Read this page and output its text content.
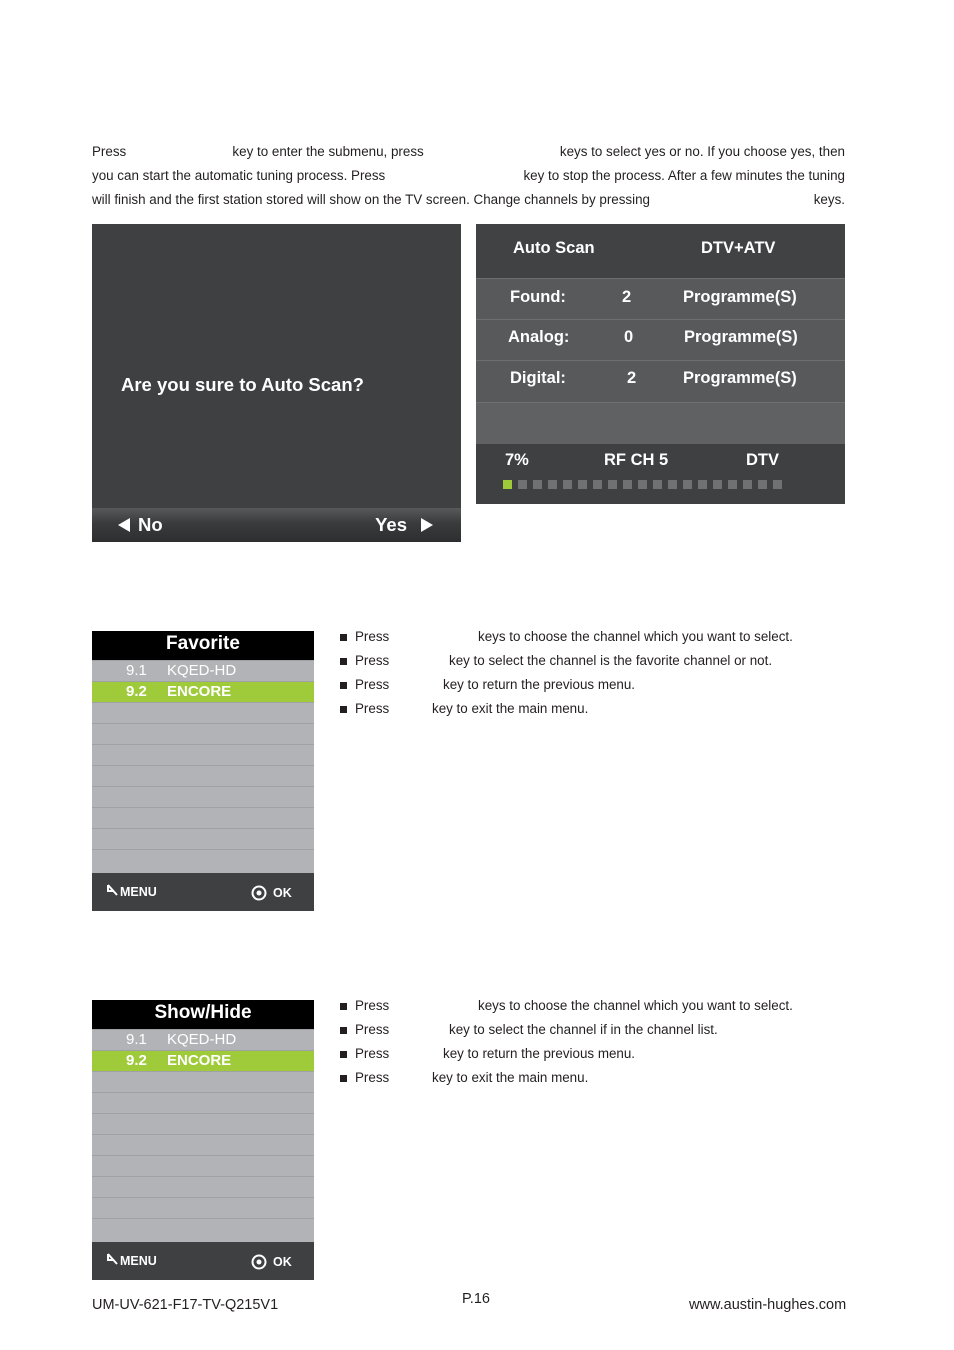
Press	key to enter the submenu, press	keys to select yes or no. If you choose yes, then
you can start the automatic tuning process. Press	key to stop the process. After a few minutes the tuning
will finish and the first station stored will show on the TV screen. Change channels by pressing	keys.
Are you sure to Auto Scan?
No	Yes
Auto Scan	DTV+ATV
Found:	2	Programme(S)
Analog:	0	Programme(S)
Digital:	2	Programme(S)
7%	RF CH 5	DTV
Favorite
9.1 KQED-HD
9.2 ENCORE
MENU	OK
Press	keys to choose the channel which you want to select.
Press	key to select the channel is the favorite channel or not.
Press	key to return the previous menu.
Press	key to exit the main menu.
Show/Hide
9.1 KQED-HD
9.2 ENCORE
MENU	OK
Press	keys to choose the channel which you want to select.
Press	key to select the channel if in the channel list.
Press	key to return the previous menu.
Press	key to exit the main menu.
UM-UV-621-F17-TV-Q215V1	P.16	www.austin-hughes.com
